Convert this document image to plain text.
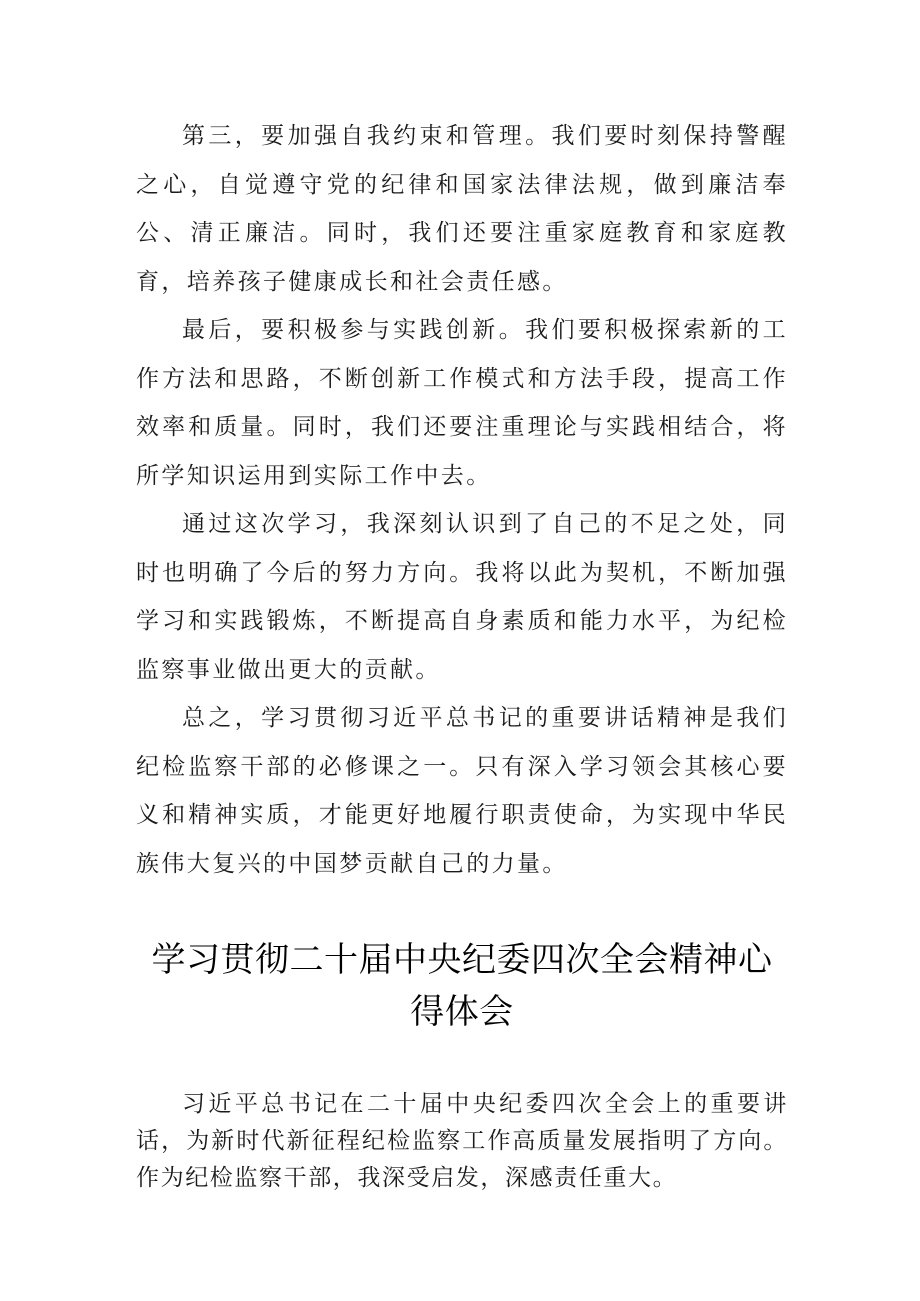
第三，要加强自我约束和管理。我们要时刻保持警醒之心，自觉遵守党的纪律和国家法律法规，做到廉洁奉公、清正廉洁。同时，我们还要注重家庭教育和家庭教育，培养孩子健康成长和社会责任感。

最后，要积极参与实践创新。我们要积极探索新的工作方法和思路，不断创新工作模式和方法手段，提高工作效率和质量。同时，我们还要注重理论与实践相结合，将所学知识运用到实际工作中去。

通过这次学习，我深刻认识到了自己的不足之处，同时也明确了今后的努力方向。我将以此为契机，不断加强学习和实践锻炼，不断提高自身素质和能力水平，为纪检监察事业做出更大的贡献。

总之，学习贯彻习近平总书记的重要讲话精神是我们纪检监察干部的必修课之一。只有深入学习领会其核心要义和精神实质，才能更好地履行职责使命，为实现中华民族伟大复兴的中国梦贡献自己的力量。

学习贯彻二十届中央纪委四次全会精神心得体会

习近平总书记在二十届中央纪委四次全会上的重要讲话，为新时代新征程纪检监察工作高质量发展指明了方向。作为纪检监察干部，我深受启发，深感责任重大。
